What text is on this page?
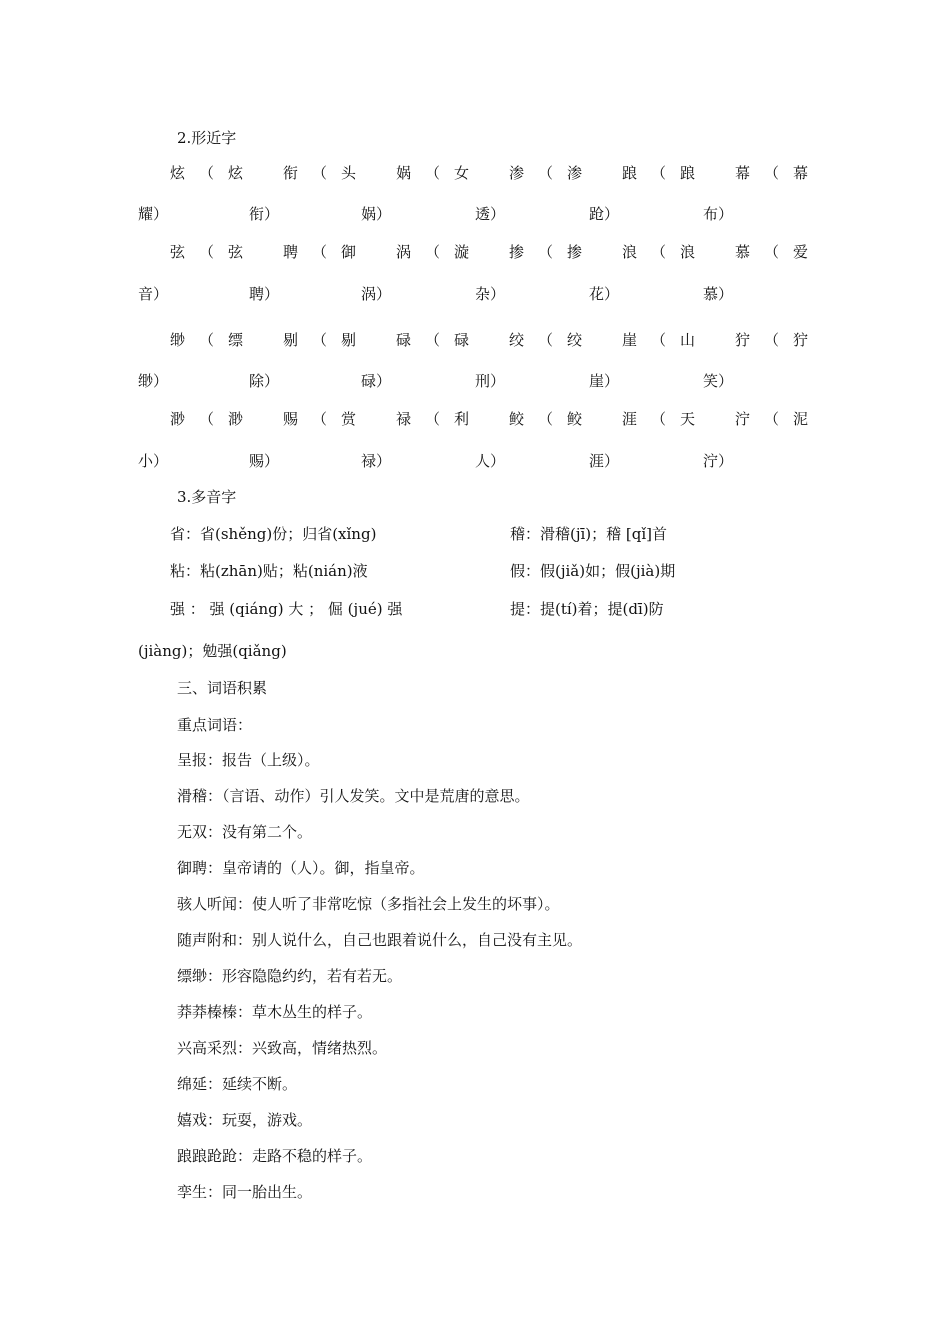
2.形近字
炫（炫 衔（头 娲（女 渗（渗 踉（踉 幕（幕
耀）	衔）	娲）	透）	跄）	布）
弦（弦 聘（御 涡（漩 掺（掺 浪（浪 慕（爱
音）	聘）	涡）	杂）	花）	慕）
缈（缥 剔（剔 碌（碌 绞（绞 崖（山 狞（狞
缈）	除）	碌）	刑）	崖）	笑）
渺（渺 赐（赏 禄（利 鲛（鲛 涯（天 泞（泥
小）	赐）	禄）	人）	涯）	泞）
3.多音字
省：省(shěng)份；归省(xǐng)	稽：滑稽(jī)；稽 [qǐ]首
粘：粘(zhān)贴；粘(nián)液	假：假(jiǎ)如；假(jià)期
强 ： 强 (qiáng) 大 ； 倔 (jué) 强	提：提(tí)着；提(dī)防
(jiàng)；勉强(qiǎng)
三、词语积累
重点词语：
呈报：报告（上级）。
滑稽：（言语、动作）引人发笑。文中是荒唐的意思。
无双：没有第二个。
御聘：皇帝请的（人）。御，指皇帝。
骇人听闻：使人听了非常吃惊（多指社会上发生的坏事）。
随声附和：别人说什么，自己也跟着说什么，自己没有主见。
缥缈：形容隐隐约约，若有若无。
莽莽榛榛：草木丛生的样子。
兴高采烈：兴致高，情绪热烈。
绵延：延续不断。
嬉戏：玩耍，游戏。
踉踉跄跄：走路不稳的样子。
孪生：同一胎出生。
